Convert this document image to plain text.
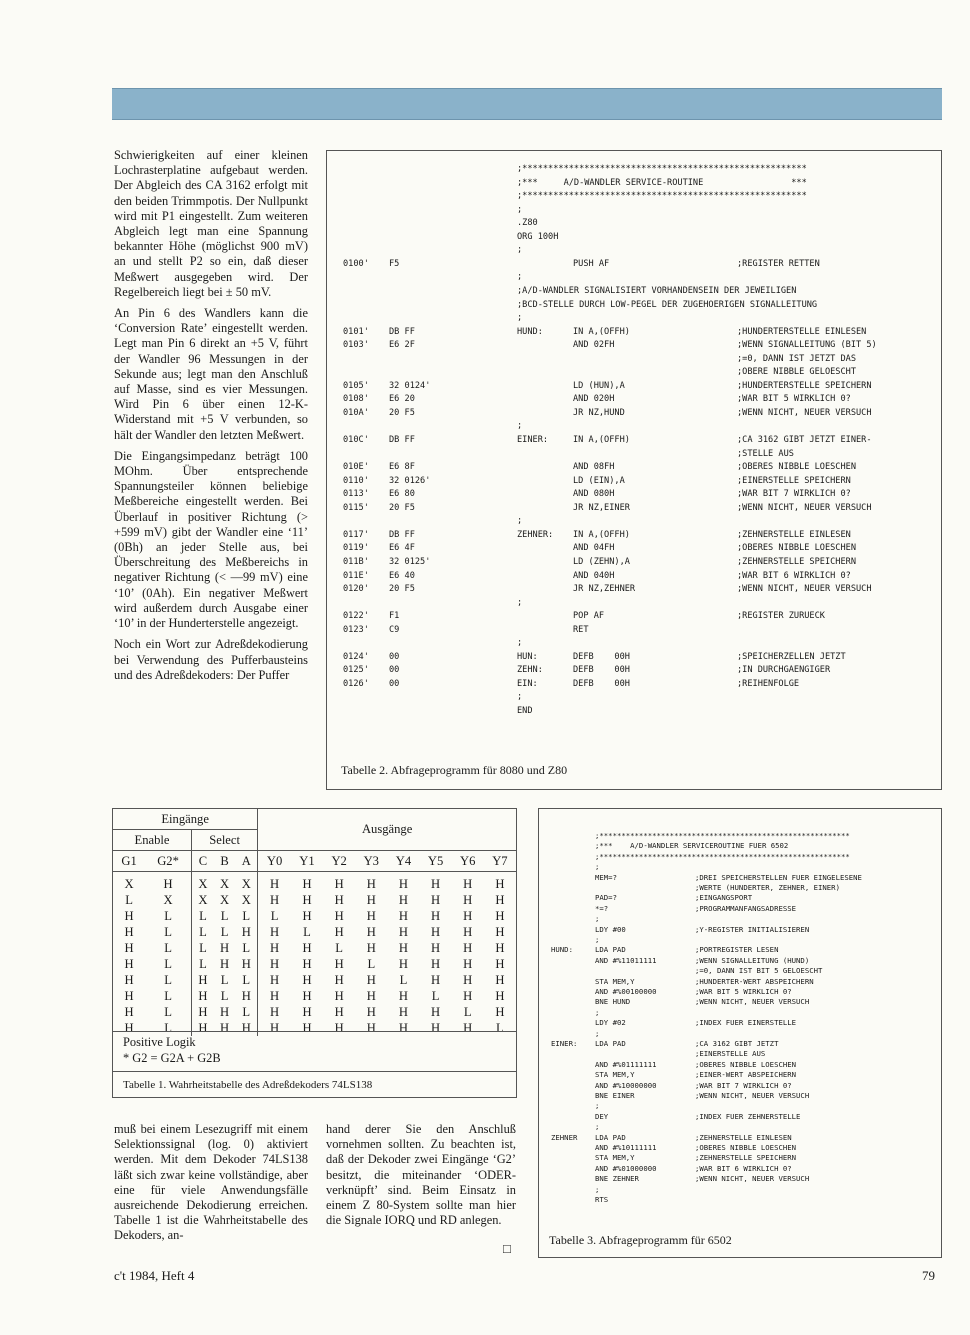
Schwierigkeiten auf einer kleinen Lochrasterplatine aufgebaut werden. Der Abgleich des CA 3162 erfolgt mit den beiden Trimmpotis. Der Nullpunkt wird mit P1 eingestellt. Zum weiteren Abgleich legt man eine Spannung bekannter Höhe (möglichst 900 mV) an und stellt P2 so ein, daß dieser Meßwert ausgegeben wird. Der Regelbereich liegt bei ± 50 mV.

An Pin 6 des Wandlers kann die ‘Conversion Rate’ eingestellt werden. Legt man Pin 6 direkt an +5 V, führt der Wandler 96 Messungen in der Sekunde aus; legt man den Anschluß auf Masse, sind es vier Messungen. Wird Pin 6 über einen 12-K-Widerstand mit +5 V verbunden, so hält der Wandler den letzten Meßwert.

Die Eingangsimpedanz beträgt 100 MOhm. Über entsprechende Spannungsteiler können beliebige Meßbereiche eingestellt werden. Bei Überlauf in positiver Richtung (> +599 mV) gibt der Wandler eine ‘11’ (0Bh) an jeder Stelle aus, bei Überschreitung des Meßbereichs in negativer Richtung (< —99 mV) eine ‘10’ (0Ah). Ein negativer Meßwert wird außerdem durch Ausgabe einer ‘10’ in der Hunderterstelle angezeigt.

Noch ein Wort zur Adreßdekodierung bei Verwendung des Pufferbausteins und des Adreßdekoders: Der Puffer

;*******************************************************
;***     A/D-WANDLER SERVICE-ROUTINE                 ***
;*******************************************************
;
.Z80
ORG 100H
;
0100' F5	PUSH AF	;REGISTER RETTEN
;
;A/D-WANDLER SIGNALISIERT VORHANDENSEIN DER JEWEILIGEN
;BCD-STELLE DURCH LOW-PEGEL DER ZUGEHOERIGEN SIGNALLEITUNG
;
0101' DB FF	HUND:	IN A,(OFFH)	;HUNDERTERSTELLE EINLESEN
0103' E6 2F	AND 02FH	;WENN SIGNALLEITUNG (BIT 5)
;=0, DANN IST JETZT DAS
;OBERE NIBBLE GELOESCHT
0105' 32 0124'	LD (HUN),A	;HUNDERTERSTELLE SPEICHERN
0108' E6 20	AND 020H	;WAR BIT 5 WIRKLICH 0?
010A' 20 F5	JR NZ,HUND	;WENN NICHT, NEUER VERSUCH
;
010C' DB FF	EINER:	IN A,(OFFH)	;CA 3162 GIBT JETZT EINER-
;STELLE AUS
010E' E6 8F	AND 08FH	;OBERES NIBBLE LOESCHEN
0110' 32 0126'	LD (EIN),A	;EINERSTELLE SPEICHERN
0113' E6 80	AND 080H	;WAR BIT 7 WIRKLICH 0?
0115' 20 F5	JR NZ,EINER	;WENN NICHT, NEUER VERSUCH
;
0117' DB FF	ZEHNER: IN A,(OFFH)	;ZEHNERSTELLE EINLESEN
0119' E6 4F	AND 04FH	;OBERES NIBBLE LOESCHEN
011B' 32 0125'	LD (ZEHN),A	;ZEHNERSTELLE SPEICHERN
011E' E6 40	AND 040H	;WAR BIT 6 WIRKLICH 0?
0120' 20 F5	JR NZ,ZEHNER	;WENN NICHT, NEUER VERSUCH
;
0122' F1	POP AF	;REGISTER ZURUECK
0123' C9	RET
;
0124' 00	HUN:	DEFB    00H	;SPEICHERZELLEN JETZT
0125' 00	ZEHN:	DEFB    00H	;IN DURCHGAENGIGER
0126' 00	EIN:	DEFB    00H	;REIHENFOLGE
;
END
Tabelle 2. Abfrageprogramm für 8080 und Z80
Eingänge					Ausgänge							
Enable		Select										
G1	G2*	C	B	A	Y0	Y1	Y2	Y3	Y4	Y5	Y6	Y7
X	H	X	X	X	H	H	H	H	H	H	H	H
L	X	X	X	X	H	H	H	H	H	H	H	H
H	L	L	L	L	L	H	H	H	H	H	H	H
H	L	L	L	H	H	L	H	H	H	H	H	H
H	L	L	H	L	H	H	L	H	H	H	H	H
H	L	L	H	H	H	H	H	L	H	H	H	H
H	L	H	L	L	H	H	H	H	L	H	H	H
H	L	H	L	H	H	H	H	H	H	L	H	H
H	L	H	H	L	H	H	H	H	H	H	L	H
H	L	H	H	H	H	H	H	H	H	H	H	L
Positive Logik
* G2 = G2A + G2B
Tabelle 1. Wahrheitstabelle des Adreßdekoders 74LS138
;*********************************************************
;***    A/D-WANDLER SERVICEROUTINE FUER 6502
;*********************************************************
;
MEM=?	;DREI SPEICHERSTELLEN FUER EINGELESENE
;WERTE (HUNDERTER, ZEHNER, EINER)
PAD=?	;EINGANGSPORT
*=?	;PROGRAMMANFANGSADRESSE
;
LDY #00	;Y-REGISTER INITIALISIEREN
;
HUND:	LDA PAD	;PORTREGISTER LESEN
AND #%11011111	;WENN SIGNALLEITUNG (HUND)
;=0, DANN IST BIT 5 GELOESCHT
STA MEM,Y	;HUNDERTER-WERT ABSPEICHERN
AND #%00100000	;WAR BIT 5 WIRKLICH 0?
BNE HUND	;WENN NICHT, NEUER VERSUCH
;
LDY #02	;INDEX FUER EINERSTELLE
;
EINER: LDA PAD	;CA 3162 GIBT JETZT
;EINERSTELLE AUS
AND #%01111111	;OBERES NIBBLE LOESCHEN
STA MEM,Y	;EINER-WERT ABSPEICHERN
AND #%10000000	;WAR BIT 7 WIRKLICH 0?
BNE EINER	;WENN NICHT, NEUER VERSUCH
;
DEY	;INDEX FUER ZEHNERSTELLE
;
ZEHNER LDA PAD	;ZEHNERSTELLE EINLESEN
AND #%10111111	;OBERES NIBBLE LOESCHEN
STA MEM,Y	;ZEHNERSTELLE SPEICHERN
AND #%01000000	;WAR BIT 6 WIRKLICH 0?
BNE ZEHNER	;WENN NICHT, NEUER VERSUCH
;
RTS
Tabelle 3. Abfrageprogramm für 6502

muß bei einem Lesezugriff mit einem Selektionssignal (log. 0) aktiviert werden. Mit dem Dekoder 74LS138 läßt sich zwar keine vollständige, aber eine für viele Anwendungsfälle ausreichende Dekodierung erreichen. Tabelle 1 ist die Wahrheitstabelle des Dekoders, an-

hand derer Sie den Anschluß vornehmen sollten. Zu beachten ist, daß der Dekoder zwei Eingänge ‘G2’ besitzt, die miteinander ‘ODER-verknüpft’ sind. Beim Einsatz in einem Z 80-System sollte man hier die Signale IORQ und RD anlegen.

□
c't 1984, Heft 4	79
